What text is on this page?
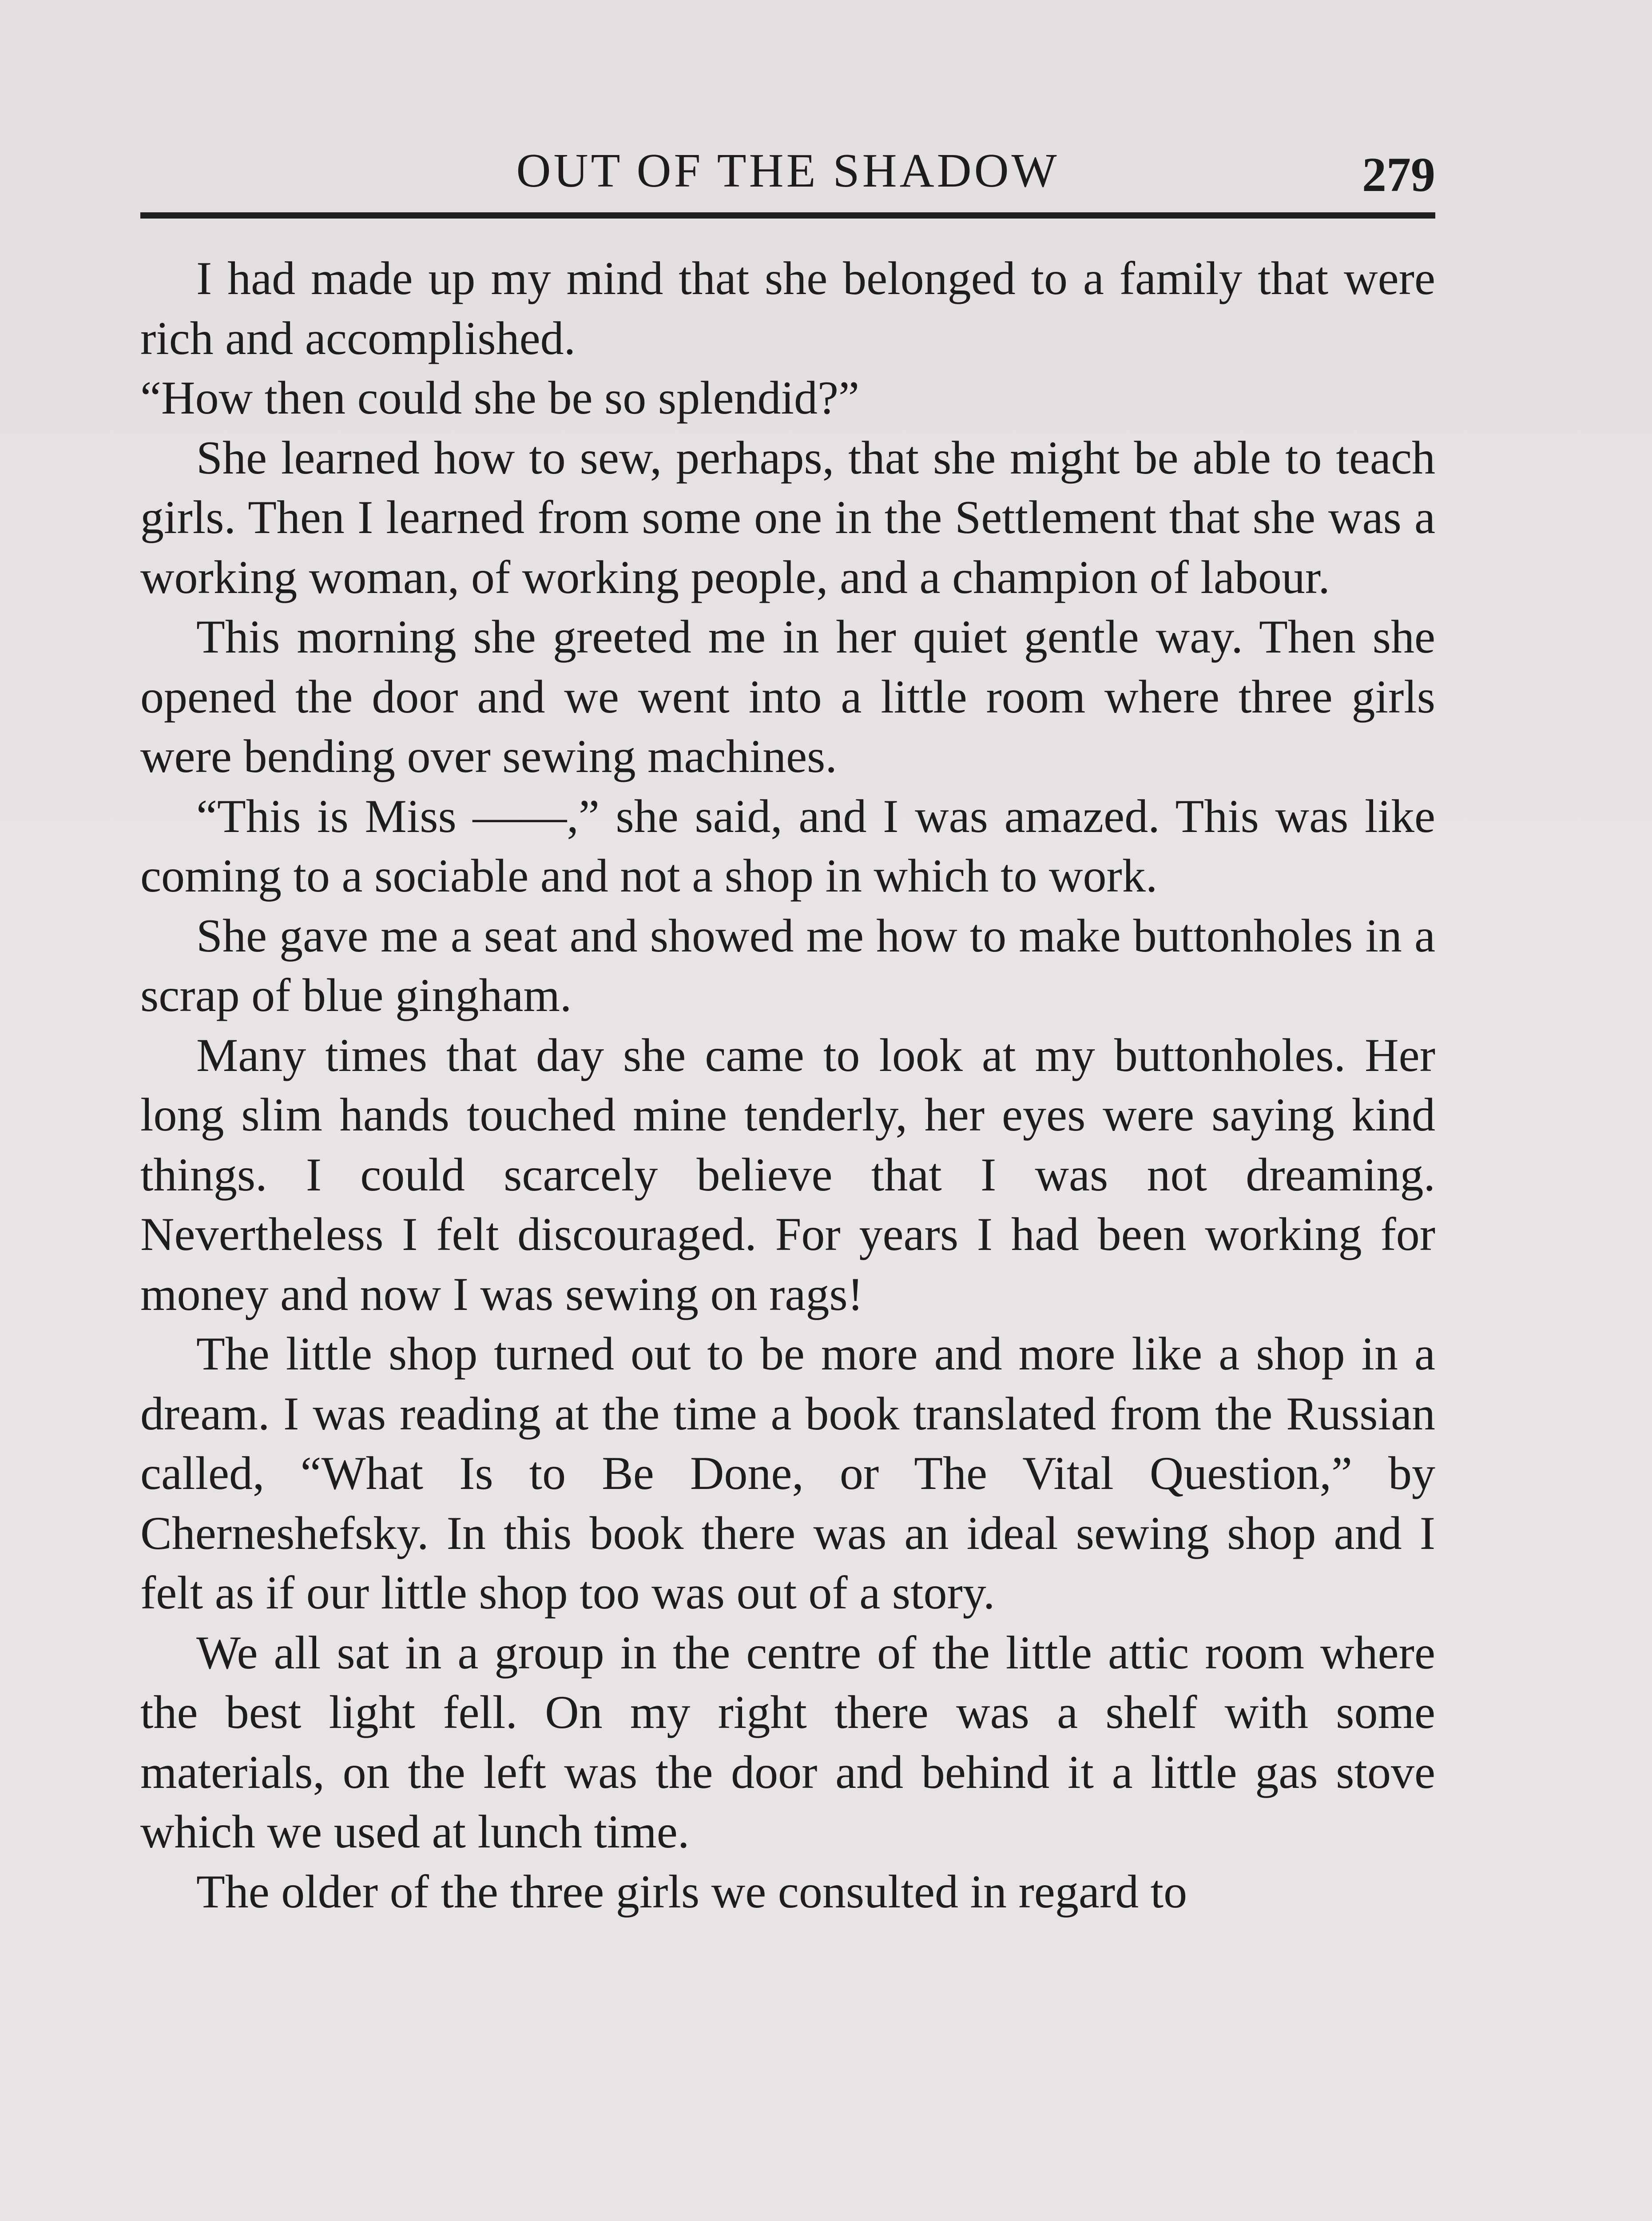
OUT OF THE SHADOW	279

I had made up my mind that she belonged to a family that were rich and accomplished.

“How then could she be so splendid?”

She learned how to sew, perhaps, that she might be able to teach girls. Then I learned from some one in the Settlement that she was a working woman, of working people, and a champion of labour.

This morning she greeted me in her quiet gentle way. Then she opened the door and we went into a little room where three girls were bending over sewing machines.

“This is Miss ——,” she said, and I was amazed. This was like coming to a sociable and not a shop in which to work.

She gave me a seat and showed me how to make buttonholes in a scrap of blue gingham.

Many times that day she came to look at my buttonholes. Her long slim hands touched mine tenderly, her eyes were saying kind things. I could scarcely believe that I was not dreaming. Nevertheless I felt discouraged. For years I had been working for money and now I was sewing on rags!

The little shop turned out to be more and more like a shop in a dream. I was reading at the time a book translated from the Russian called, “What Is to Be Done, or The Vital Question,” by Cherneshefsky. In this book there was an ideal sewing shop and I felt as if our little shop too was out of a story.

We all sat in a group in the centre of the little attic room where the best light fell. On my right there was a shelf with some materials, on the left was the door and behind it a little gas stove which we used at lunch time.

The older of the three girls we consulted in regard to
